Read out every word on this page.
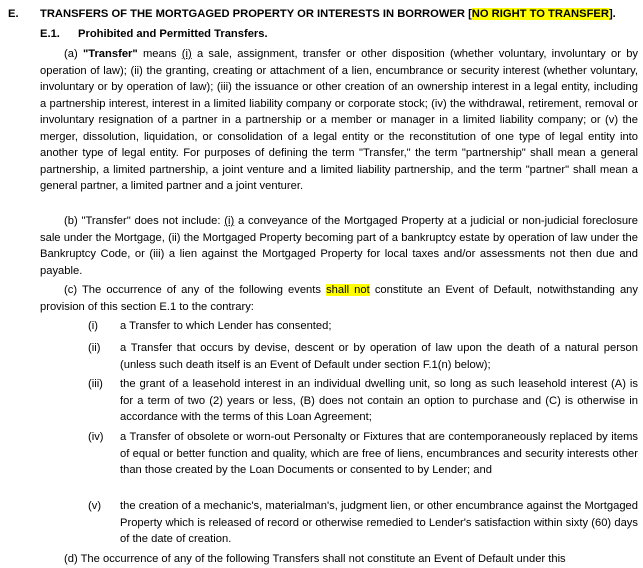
E. TRANSFERS OF THE MORTGAGED PROPERTY OR INTERESTS IN BORROWER [NO RIGHT TO TRANSFER].
E.1. Prohibited and Permitted Transfers.

(a) "Transfer" means (i) a sale, assignment, transfer or other disposition (whether voluntary, involuntary or by operation of law); (ii) the granting, creating or attachment of a lien, encumbrance or security interest (whether voluntary, involuntary or by operation of law); (iii) the issuance or other creation of an ownership interest in a legal entity, including a partnership interest, interest in a limited liability company or corporate stock; (iv) the withdrawal, retirement, removal or involuntary resignation of a partner in a partnership or a member or manager in a limited liability company; or (v) the merger, dissolution, liquidation, or consolidation of a legal entity or the reconstitution of one type of legal entity into another type of legal entity. For purposes of defining the term "Transfer," the term "partnership" shall mean a general partnership, a limited partnership, a joint venture and a limited liability partnership, and the term "partner" shall mean a general partner, a limited partner and a joint venturer.

(b) "Transfer" does not include: (i) a conveyance of the Mortgaged Property at a judicial or non-judicial foreclosure sale under the Mortgage, (ii) the Mortgaged Property becoming part of a bankruptcy estate by operation of law under the Bankruptcy Code, or (iii) a lien against the Mortgaged Property for local taxes and/or assessments not then due and payable.

(c) The occurrence of any of the following events shall not constitute an Event of Default, notwithstanding any provision of this section E.1 to the contrary:

(i)	a Transfer to which Lender has consented;
(ii)	a Transfer that occurs by devise, descent or by operation of law upon the death of a natural person (unless such death itself is an Event of Default under section F.1(n) below);
(iii)	the grant of a leasehold interest in an individual dwelling unit, so long as such leasehold interest (A) is for a term of two (2) years or less, (B) does not contain an option to purchase and (C) is otherwise in accordance with the terms of this Loan Agreement;
(iv)	a Transfer of obsolete or worn-out Personalty or Fixtures that are contemporaneously replaced by items of equal or better function and quality, which are free of liens, encumbrances and security interests other than those created by the Loan Documents or consented to by Lender; and
(v)	the creation of a mechanic's, materialman's, judgment lien, or other encumbrance against the Mortgaged Property which is released of record or otherwise remedied to Lender's satisfaction within sixty (60) days of the date of creation.

(d) The occurrence of any of the following Transfers shall not constitute an Event of Default under this
